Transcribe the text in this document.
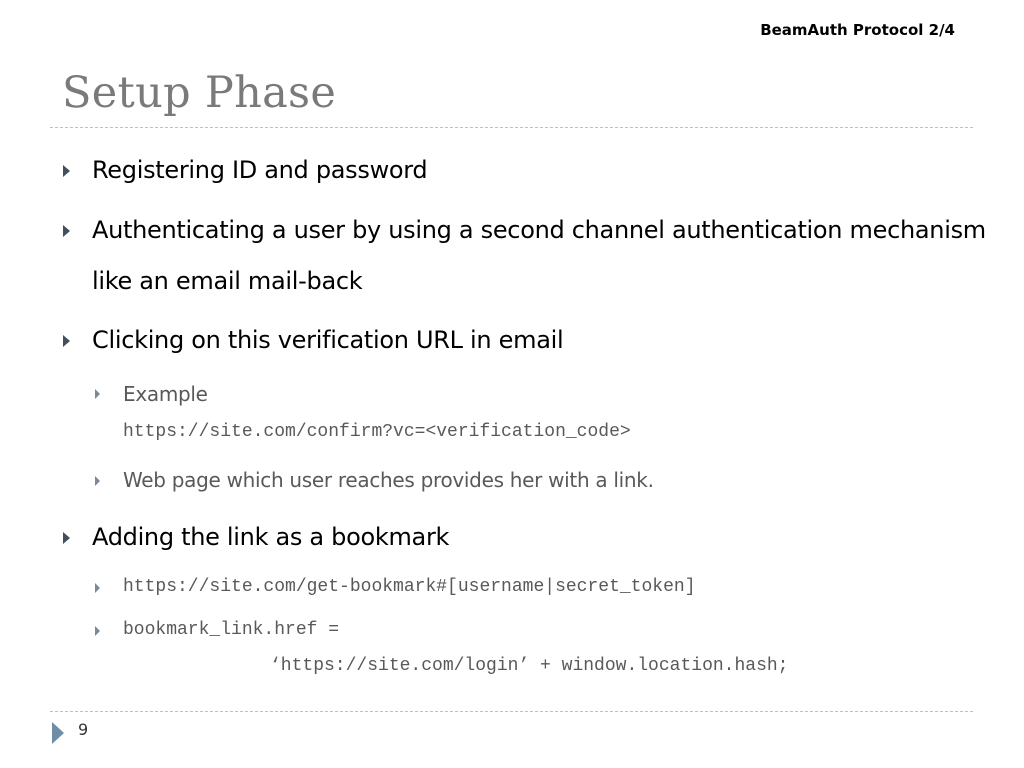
BeamAuth Protocol 2/4
Setup Phase
Registering ID and password
Authenticating a user by using a second channel authentication mechanism
like an email mail-back
Clicking on this verification URL in email
Example
https://site.com/confirm?vc=<verification_code>
Web page which user reaches provides her with a link.
Adding the link as a bookmark
https://site.com/get-bookmark#[username|secret_token]
bookmark_link.href =
‘https://site.com/login’ + window.location.hash;
9
